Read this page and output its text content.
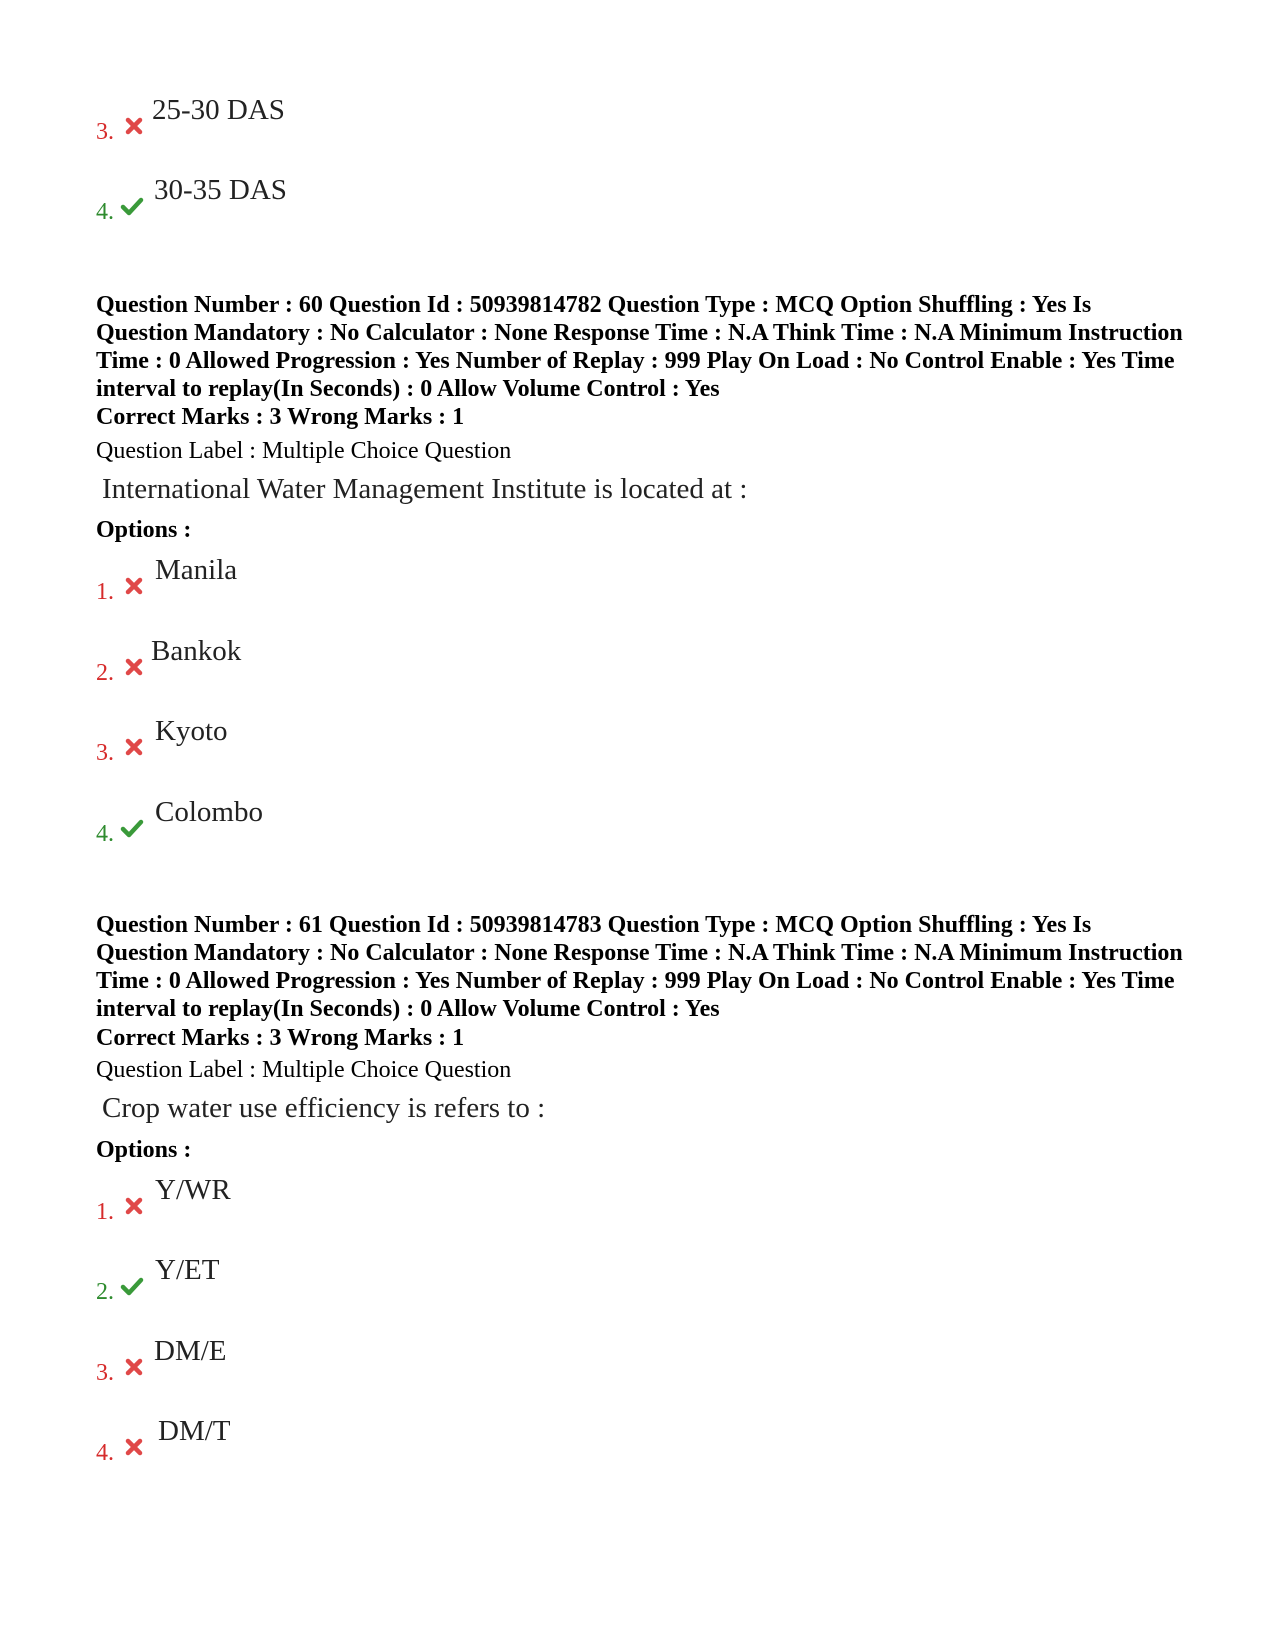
3.
25-30 DAS
4.
30-35 DAS
Question Number : 60 Question Id : 50939814782 Question Type : MCQ Option Shuffling : Yes Is Question Mandatory : No Calculator : None Response Time : N.A Think Time : N.A Minimum Instruction Time : 0 Allowed Progression : Yes Number of Replay : 999 Play On Load : No Control Enable : Yes Time interval to replay(In Seconds) : 0 Allow Volume Control : Yes
Correct Marks : 3 Wrong Marks : 1
Question Label : Multiple Choice Question
International Water Management Institute is located at :
Options :
1.
Manila
2.
Bankok
3.
Kyoto
4.
Colombo
Question Number : 61 Question Id : 50939814783 Question Type : MCQ Option Shuffling : Yes Is Question Mandatory : No Calculator : None Response Time : N.A Think Time : N.A Minimum Instruction Time : 0 Allowed Progression : Yes Number of Replay : 999 Play On Load : No Control Enable : Yes Time interval to replay(In Seconds) : 0 Allow Volume Control : Yes
Correct Marks : 3 Wrong Marks : 1
Question Label : Multiple Choice Question
Crop water use efficiency is refers to :
Options :
1.
Y/WR
2.
Y/ET
3.
DM/E
4.
DM/T
